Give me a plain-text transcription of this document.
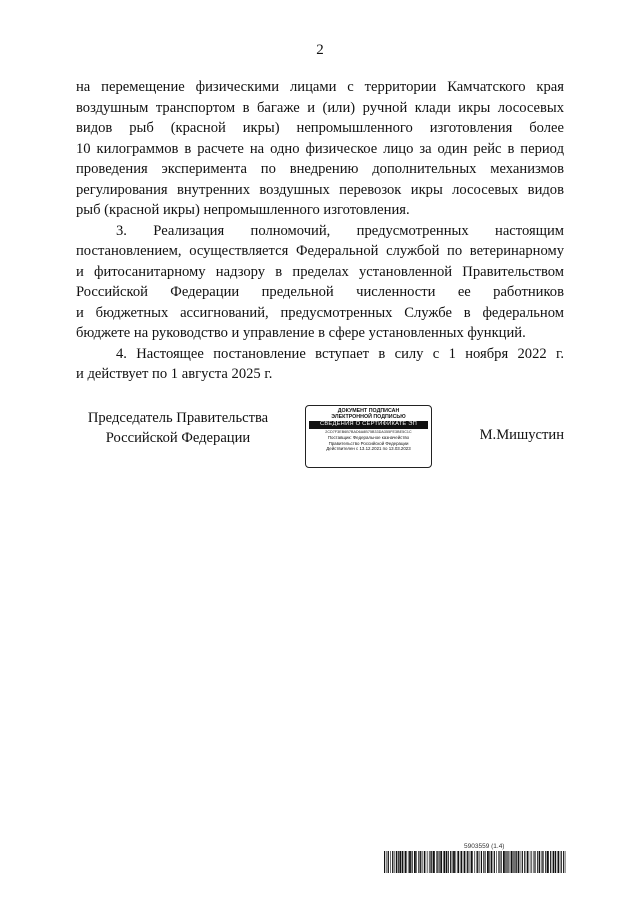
2

на перемещение физическими лицами с территории Камчатского края
воздушным транспортом в багаже и (или) ручной клади икры лососевых
видов рыб (красной икры) непромышленного изготовления более
10 килограммов в расчете на одно физическое лицо за один рейс в период
проведения эксперимента по внедрению дополнительных механизмов
регулирования внутренних воздушных перевозок икры лососевых видов
рыб (красной икры) непромышленного изготовления.

3. Реализация полномочий, предусмотренных настоящим
постановлением, осуществляется Федеральной службой по ветеринарному
и фитосанитарному надзору в пределах установленной Правительством
Российской Федерации предельной численности ее работников
и бюджетных ассигнований, предусмотренных Службе в федеральном
бюджете на руководство и управление в сфере установленных функций.

4. Настоящее постановление вступает в силу с 1 ноября 2022 г.
и действует по 1 августа 2025 г.

Председатель Правительства
Российской Федерации
ДОКУМЕНТ ПОДПИСАН
ЭЛЕКТРОННОЙ ПОДПИСЬЮ
СВЕДЕНИЯ О СЕРТИФИКАТЕ ЭП
2CD7F3EB6B7BAD6A8B75B33DA355FE3BE5C1C
Поставщик: Федеральное казначейство
Правительство Российской Федерации
Действителен с 13.12.2021 по 13.03.2023
М.Мишустин
5903559 (1.4)
